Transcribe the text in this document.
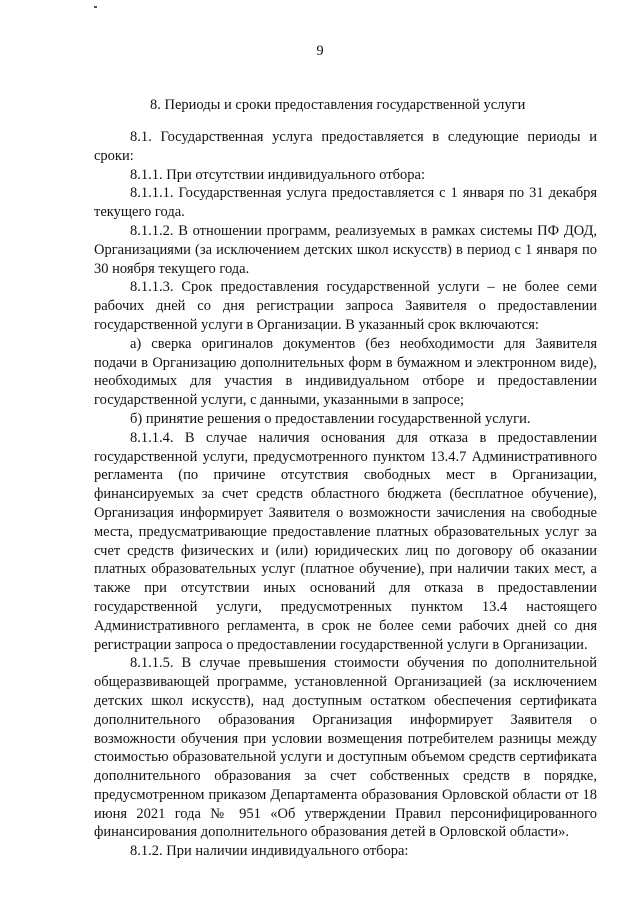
9
8. Периоды и сроки предоставления государственной услуги

8.1. Государственная услуга предоставляется в следующие периоды и сроки:

8.1.1. При отсутствии индивидуального отбора:

8.1.1.1. Государственная услуга предоставляется с 1 января по 31 декабря текущего года.

8.1.1.2. В отношении программ, реализуемых в рамках системы ПФ ДОД, Организациями (за исключением детских школ искусств) в период с 1 января по 30 ноября текущего года.

8.1.1.3. Срок предоставления государственной услуги – не более семи рабочих дней со дня регистрации запроса Заявителя о предоставлении государственной услуги в Организации. В указанный срок включаются:

а) сверка оригиналов документов (без необходимости для Заявителя подачи в Организацию дополнительных форм в бумажном и электронном виде), необходимых для участия в индивидуальном отборе и предоставлении государственной услуги, с данными, указанными в запросе;

б) принятие решения о предоставлении государственной услуги.

8.1.1.4. В случае наличия основания для отказа в предоставлении государственной услуги, предусмотренного пунктом 13.4.7 Административного регламента (по причине отсутствия свободных мест в Организации, финансируемых за счет средств областного бюджета (бесплатное обучение), Организация информирует Заявителя о возможности зачисления на свободные места, предусматривающие предоставление платных образовательных услуг за счет средств физических и (или) юридических лиц по договору об оказании платных образовательных услуг (платное обучение), при наличии таких мест, а также при отсутствии иных оснований для отказа в предоставлении государственной услуги, предусмотренных пунктом 13.4 настоящего Административного регламента, в срок не более семи рабочих дней со дня регистрации запроса о предоставлении государственной услуги в Организации.

8.1.1.5. В случае превышения стоимости обучения по дополнительной общеразвивающей программе, установленной Организацией (за исключением детских школ искусств), над доступным остатком обеспечения сертификата дополнительного образования Организация информирует Заявителя о возможности обучения при условии возмещения потребителем разницы между стоимостью образовательной услуги и доступным объемом средств сертификата дополнительного образования за счет собственных средств в порядке, предусмотренном приказом Департамента образования Орловской области от 18 июня 2021 года № 951 «Об утверждении Правил персонифицированного финансирования дополнительного образования детей в Орловской области».

8.1.2. При наличии индивидуального отбора:
